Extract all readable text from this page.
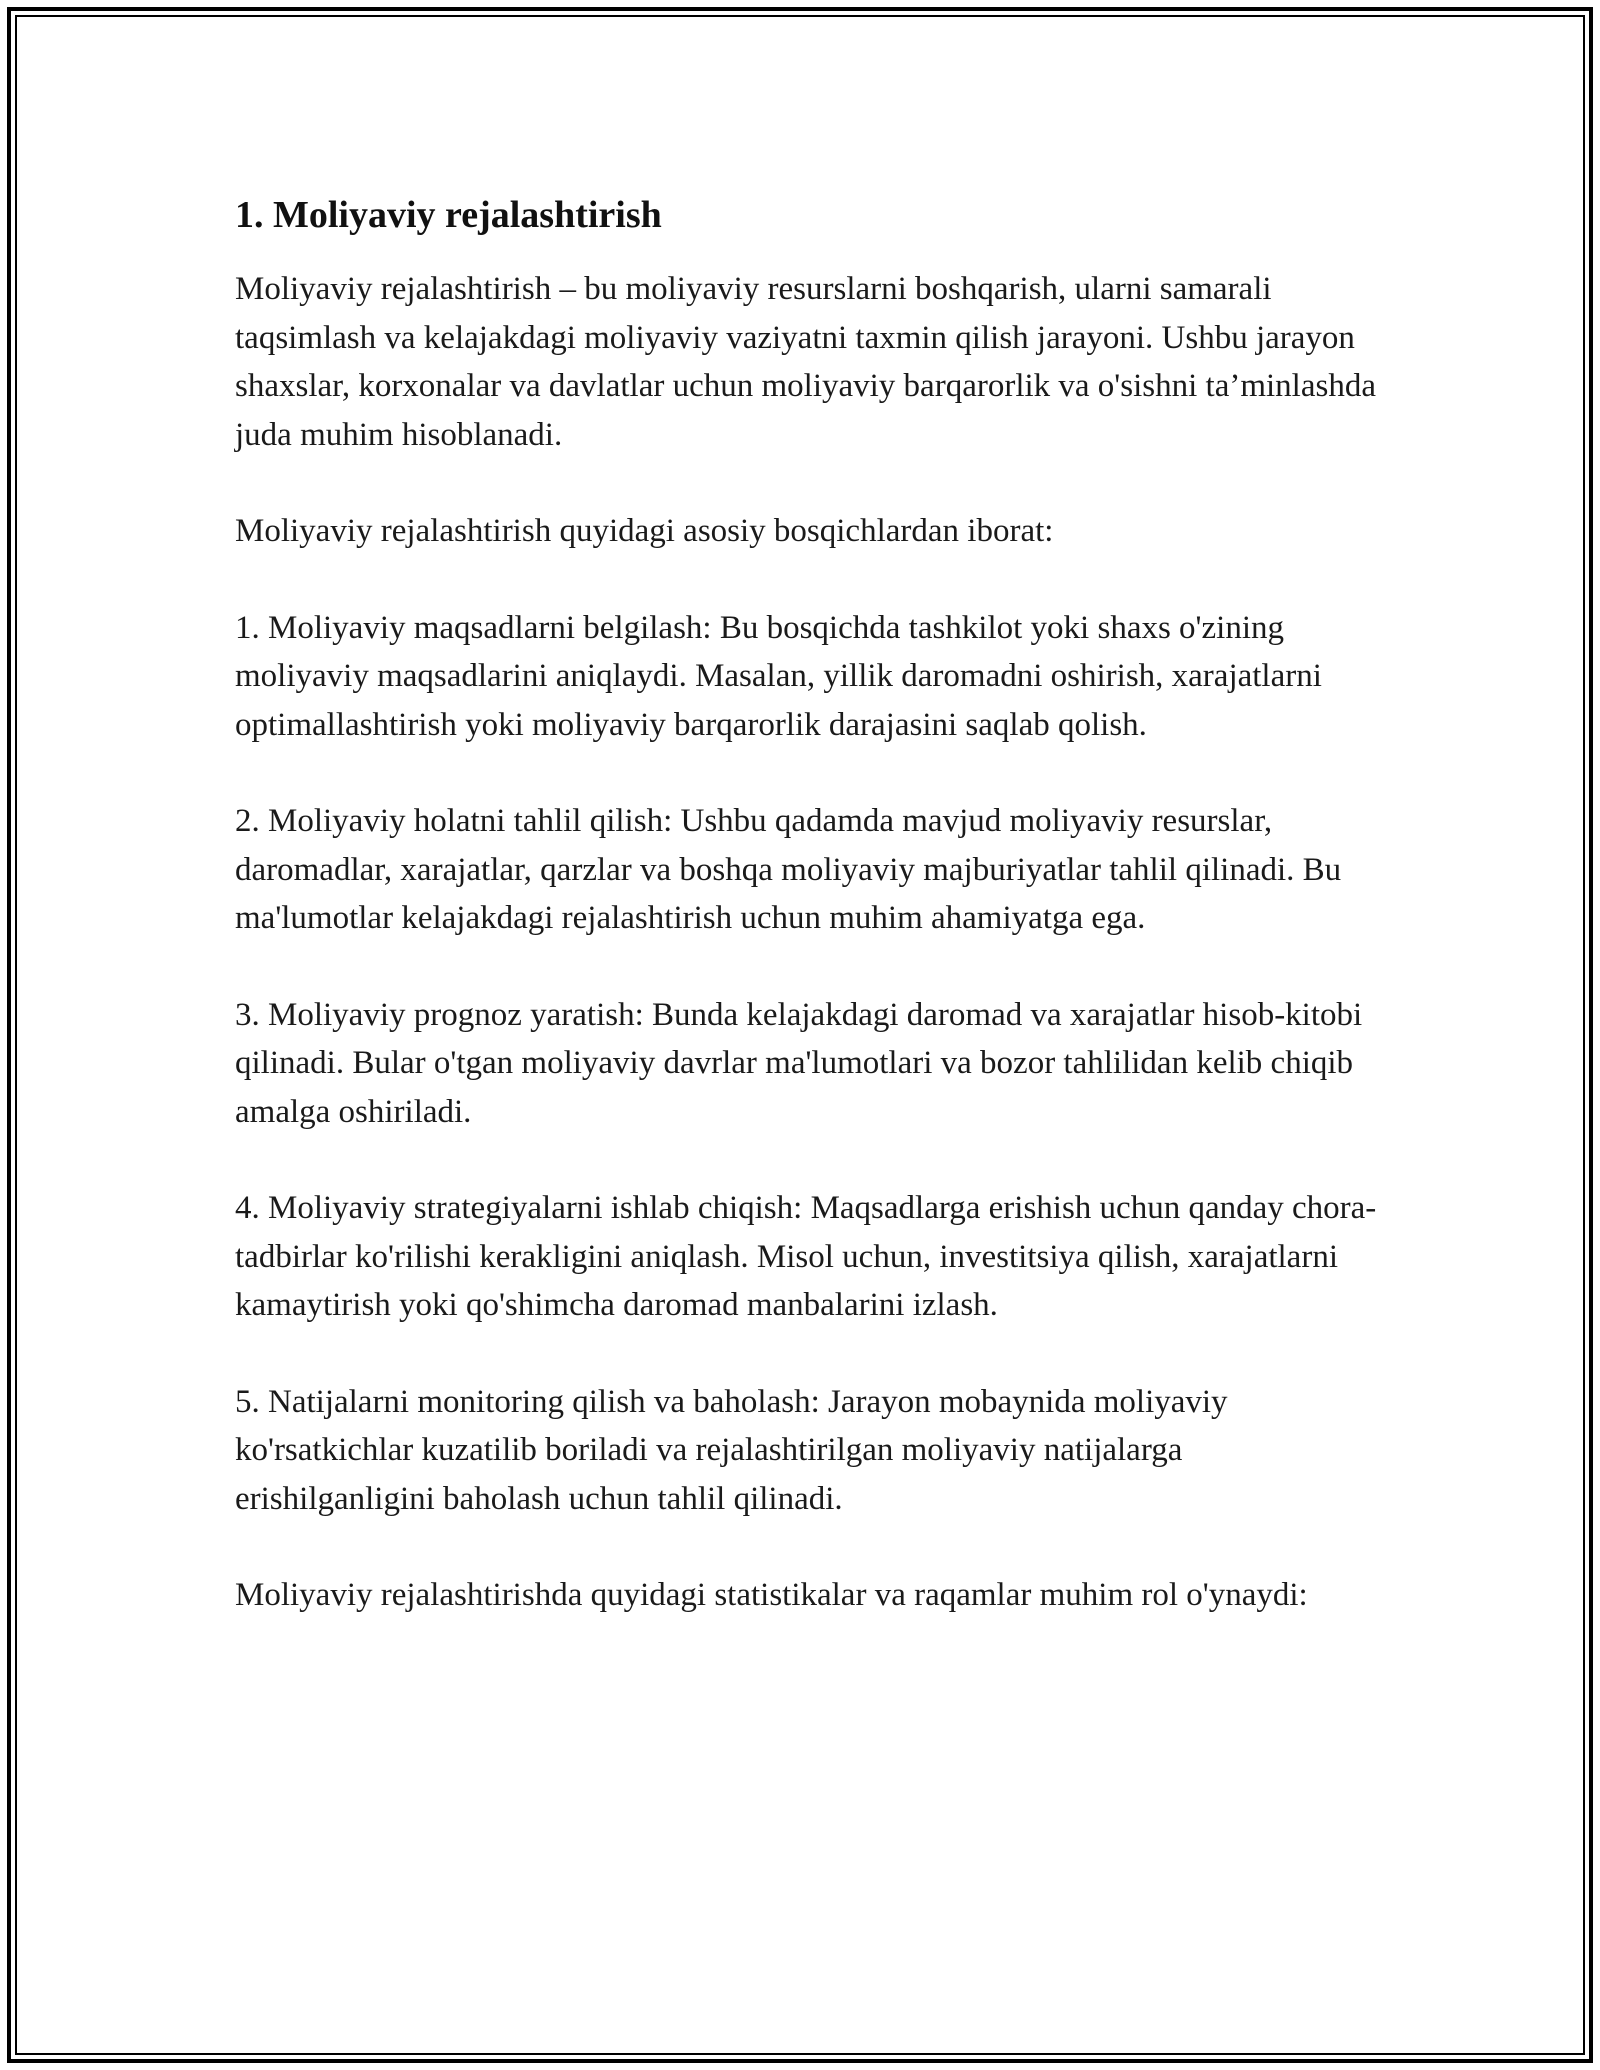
1. Moliyaviy rejalashtirish

Moliyaviy rejalashtirish – bu moliyaviy resurslarni boshqarish, ularni samarali taqsimlash va kelajakdagi moliyaviy vaziyatni taxmin qilish jarayoni. Ushbu jarayon shaxslar, korxonalar va davlatlar uchun moliyaviy barqarorlik va o'sishni ta’minlashda juda muhim hisoblanadi.

Moliyaviy rejalashtirish quyidagi asosiy bosqichlardan iborat:

1. Moliyaviy maqsadlarni belgilash: Bu bosqichda tashkilot yoki shaxs o'zining moliyaviy maqsadlarini aniqlaydi. Masalan, yillik daromadni oshirish, xarajatlarni optimallashtirish yoki moliyaviy barqarorlik darajasini saqlab qolish.

2. Moliyaviy holatni tahlil qilish: Ushbu qadamda mavjud moliyaviy resurslar, daromadlar, xarajatlar, qarzlar va boshqa moliyaviy majburiyatlar tahlil qilinadi. Bu ma'lumotlar kelajakdagi rejalashtirish uchun muhim ahamiyatga ega.

3. Moliyaviy prognoz yaratish: Bunda kelajakdagi daromad va xarajatlar hisob-kitobi qilinadi. Bular o'tgan moliyaviy davrlar ma'lumotlari va bozor tahlilidan kelib chiqib amalga oshiriladi.

4. Moliyaviy strategiyalarni ishlab chiqish: Maqsadlarga erishish uchun qanday chora-tadbirlar ko'rilishi kerakligini aniqlash. Misol uchun, investitsiya qilish, xarajatlarni kamaytirish yoki qo'shimcha daromad manbalarini izlash.

5. Natijalarni monitoring qilish va baholash: Jarayon mobaynida moliyaviy ko'rsatkichlar kuzatilib boriladi va rejalashtirilgan moliyaviy natijalarga erishilganligini baholash uchun tahlil qilinadi.

Moliyaviy rejalashtirishda quyidagi statistikalar va raqamlar muhim rol o'ynaydi:
